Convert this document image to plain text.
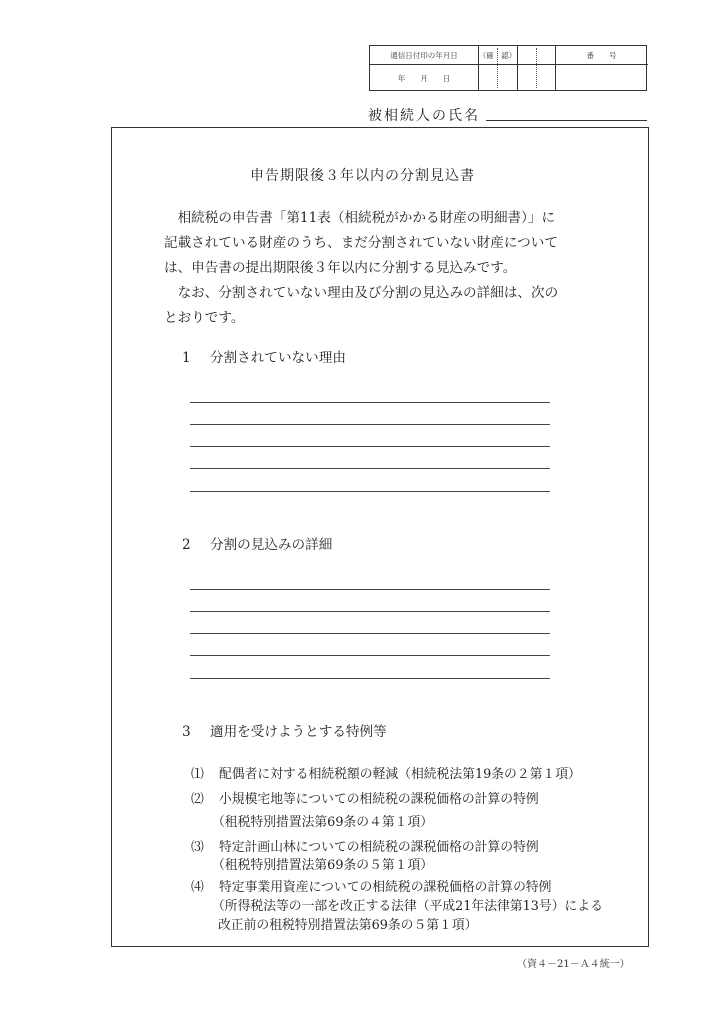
通信日付印の年月日	（確　認）	番　　号
年　　月　　日
被相続人の氏名
申告期限後３年以内の分割見込書
　相続税の申告書「第11表（相続税がかかる財産の明細書）」に
記載されている財産のうち、まだ分割されていない財産について
は、申告書の提出期限後３年以内に分割する見込みです。
　なお、分割されていない理由及び分割の見込みの詳細は、次の
とおりです。
1 分割されていない理由
2 分割の見込みの詳細
3 適用を受けようとする特例等
⑴ 配偶者に対する相続税額の軽減（相続税法第19条の２第１項）
⑵ 小規模宅地等についての相続税の課税価格の計算の特例
（租税特別措置法第69条の４第１項）
⑶ 特定計画山林についての相続税の課税価格の計算の特例
（租税特別措置法第69条の５第１項）
⑷ 特定事業用資産についての相続税の課税価格の計算の特例
（所得税法等の一部を改正する法律（平成21年法律第13号）による
改正前の租税特別措置法第69条の５第１項）
（資４－21－Ａ４統一）
